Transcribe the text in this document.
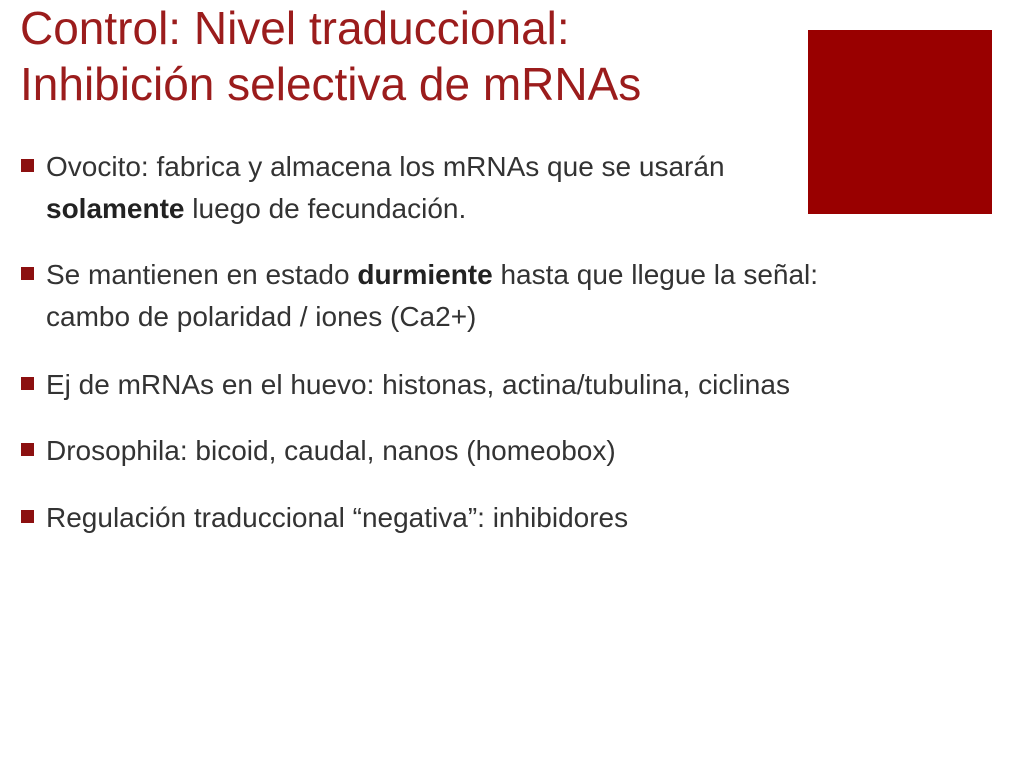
Control: Nivel traduccional:
Inhibición selectiva de mRNAs
Ovocito: fabrica y almacena los mRNAs que se usarán solamente luego de fecundación.
Se mantienen en estado durmiente hasta que llegue la señal: cambo de polaridad / iones (Ca2+)
Ej de mRNAs en el huevo: histonas, actina/tubulina, ciclinas
Drosophila: bicoid, caudal, nanos (homeobox)
Regulación traduccional “negativa”: inhibidores
